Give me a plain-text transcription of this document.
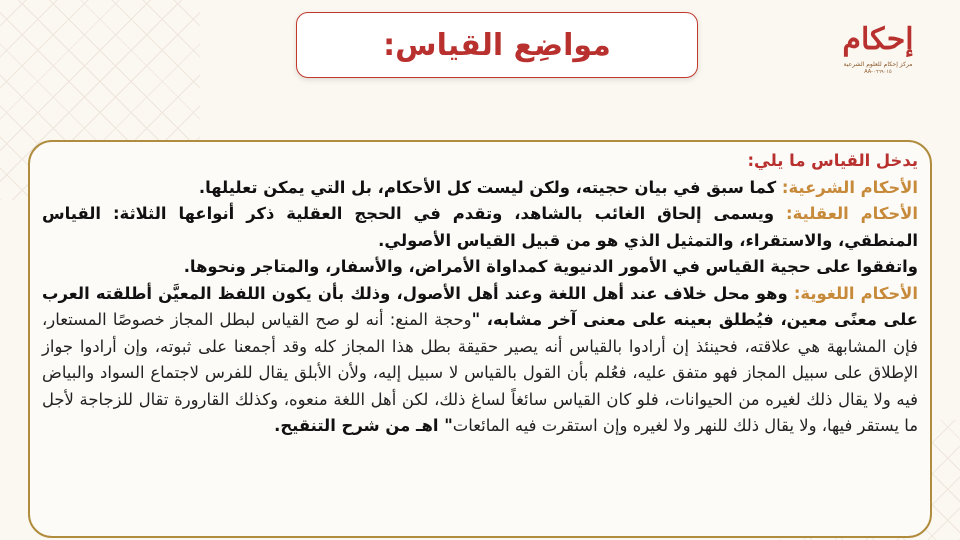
مواضِع القياس:	إحكام
مركز إحكام للعلوم الشرعية
AA-٠٦٦٩٠١٥

يدخل القياس ما يلي:

الأحكام الشرعية: كما سبق في بيان حجيته، ولكن ليست كل الأحكام، بل التي يمكن تعليلها.

الأحكام العقلية: ويسمى إلحاق الغائب بالشاهد، وتقدم في الحجج العقلية ذكر أنواعها الثلاثة: القياس المنطقي، والاستقراء، والتمثيل الذي هو من قبيل القياس الأصولي.

واتفقوا على حجية القياس في الأمور الدنيوية كمداواة الأمراض، والأسفار، والمتاجر ونحوها.

الأحكام اللغوية: وهو محل خلاف عند أهل اللغة وعند أهل الأصول، وذلك بأن يكون اللفظ المعيَّن أطلقته العرب على معنًى معين، فيُطلق بعينه على معنى آخر مشابه، "وحجة المنع: أنه لو صح القياس لبطل المجاز خصوصًا المستعار، فإن المشابهة هي علاقته، فحينئذ إن أرادوا بالقياس أنه يصير حقيقة بطل هذا المجاز كله وقد أجمعنا على ثبوته، وإن أرادوا جواز الإطلاق على سبيل المجاز فهو متفق عليه، فعُلم بأن القول بالقياس لا سبيل إليه، ولأن الأبلق يقال للفرس لاجتماع السواد والبياض فيه ولا يقال ذلك لغيره من الحيوانات، فلو كان القياس سائغاً لساغ ذلك، لكن أهل اللغة منعوه، وكذلك القارورة تقال للزجاجة لأجل ما يستقر فيها، ولا يقال ذلك للنهر ولا لغيره وإن استقرت فيه المائعات" اهـ من شرح التنقيح.
